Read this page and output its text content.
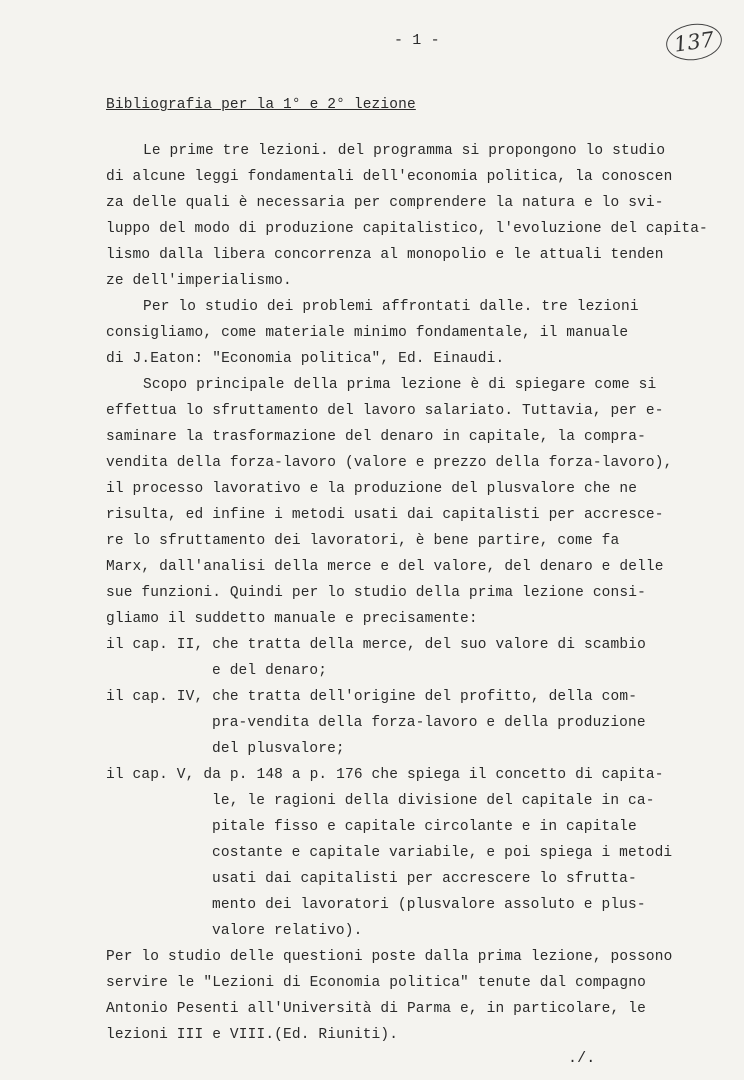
- 1 -	137
Bibliografia per la 1° e 2° lezione
Le prime tre lezioni. del programma si propongono lo studio
di alcune leggi fondamentali dell'economia politica, la conoscen
za delle quali è necessaria per comprendere la natura e lo svi-
luppo del modo di produzione capitalistico, l'evoluzione del capita-
lismo dalla libera concorrenza al monopolio e le attuali tenden
ze dell'imperialismo.
Per lo studio dei problemi affrontati dalle. tre lezioni
consigliamo, come materiale minimo fondamentale, il manuale
di J.Eaton: "Economia politica", Ed. Einaudi.
Scopo principale della prima lezione è di spiegare come si
effettua lo sfruttamento del lavoro salariato. Tuttavia, per e-
saminare la trasformazione del denaro in capitale, la compra-
vendita della forza-lavoro (valore e prezzo della forza-lavoro),
il processo lavorativo e la produzione del plusvalore che ne
risulta, ed infine i metodi usati dai capitalisti per accresce-
re lo sfruttamento dei lavoratori, è bene partire, come fa
Marx, dall'analisi della merce e del valore, del denaro e delle
sue funzioni. Quindi per lo studio della prima lezione consi-
gliamo il suddetto manuale e precisamente:
il cap. II, che tratta della merce, del suo valore di scambio
e del denaro;
il cap. IV, che tratta dell'origine del profitto, della com-
pra-vendita della forza-lavoro e della produzione
del plusvalore;
il cap. V, da p. 148 a p. 176 che spiega il concetto di capita-
le, le ragioni della divisione del capitale in ca-
pitale fisso e capitale circolante e in capitale
costante e capitale variabile, e poi spiega i metodi
usati dai capitalisti per accrescere lo sfrutta-
mento dei lavoratori (plusvalore assoluto e plus-
valore relativo).
Per lo studio delle questioni poste dalla prima lezione, possono
servire le "Lezioni di Economia politica" tenute dal compagno
Antonio Pesenti all'Università di Parma e, in particolare, le
lezioni III e VIII.(Ed. Riuniti).
./.
